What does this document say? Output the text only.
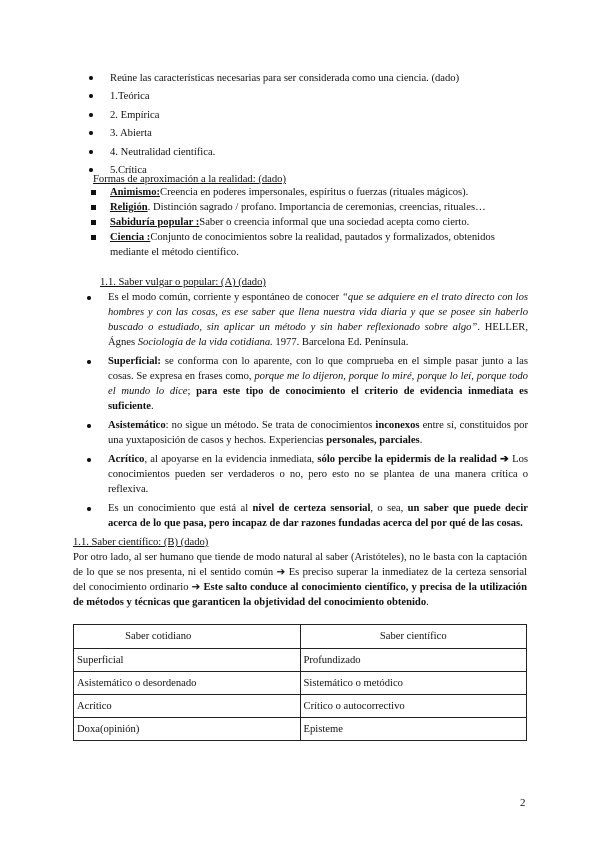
Reúne las características necesarias para ser considerada como una ciencia. (dado)
1.Teórica
2. Empírica
3. Abierta
4. Neutralidad científica.
5.Crítica
Formas de aproximación a la realidad: (dado)
Animismo:Creencia en poderes impersonales, espíritus o fuerzas (rituales mágicos).
Religión. Distinción sagrado / profano. Importancia de ceremonias, creencias, rituales…
Sabiduría popular :Saber o creencia informal que una sociedad acepta como cierto.
Ciencia :Conjunto de conocimientos sobre la realidad, pautados y formalizados, obtenidos mediante el método científico.
1.1. Saber vulgar o popular: (A) (dado)
Es el modo común, corriente y espontáneo de conocer “que se adquiere en el trato directo con los hombres y con las cosas, es ese saber que llena nuestra vida diaria y que se posee sin haberlo buscado o estudiado, sin aplicar un método y sin haber reflexionado sobre algo”. HELLER, Ágnes Sociología de la vida cotidiana. 1977. Barcelona Ed. Península.
Superficial: se conforma con lo aparente, con lo que comprueba en el simple pasar junto a las cosas. Se expresa en frases como, porque me lo dijeron, porque lo miré, porque lo leí, porque todo el mundo lo dice; para este tipo de conocimiento el criterio de evidencia inmediata es suficiente.
Asistemático: no sigue un método. Se trata de conocimientos inconexos entre sí, constituidos por una yuxtaposición de casos y hechos. Experiencias personales, parciales.
Acrítico, al apoyarse en la evidencia inmediata, sólo percibe la epidermis de la realidad ➔ Los conocimientos pueden ser verdaderos o no, pero esto no se plantea de una manera crítica o reflexiva.
Es un conocimiento que está al nivel de certeza sensorial, o sea, un saber que puede decir acerca de lo que pasa, pero incapaz de dar razones fundadas acerca del por qué de las cosas.
1.1. Saber científico: (B) (dado)
Por otro lado, al ser humano que tiende de modo natural al saber (Aristóteles), no le basta con la captación de lo que se nos presenta, ni el sentido común ➔ Es preciso superar la inmediatez de la certeza sensorial del conocimiento ordinario ➔ Este salto conduce al conocimiento científico, y precisa de la utilización de métodos y técnicas que garanticen la objetividad del conocimiento obtenido.
Saber cotidiano	Saber científico
Superficial	Profundizado
Asistemático o desordenado	Sistemático o metódico
Acrítico	Crítico o autocorrectivo
Doxa(opinión)	Episteme
2
